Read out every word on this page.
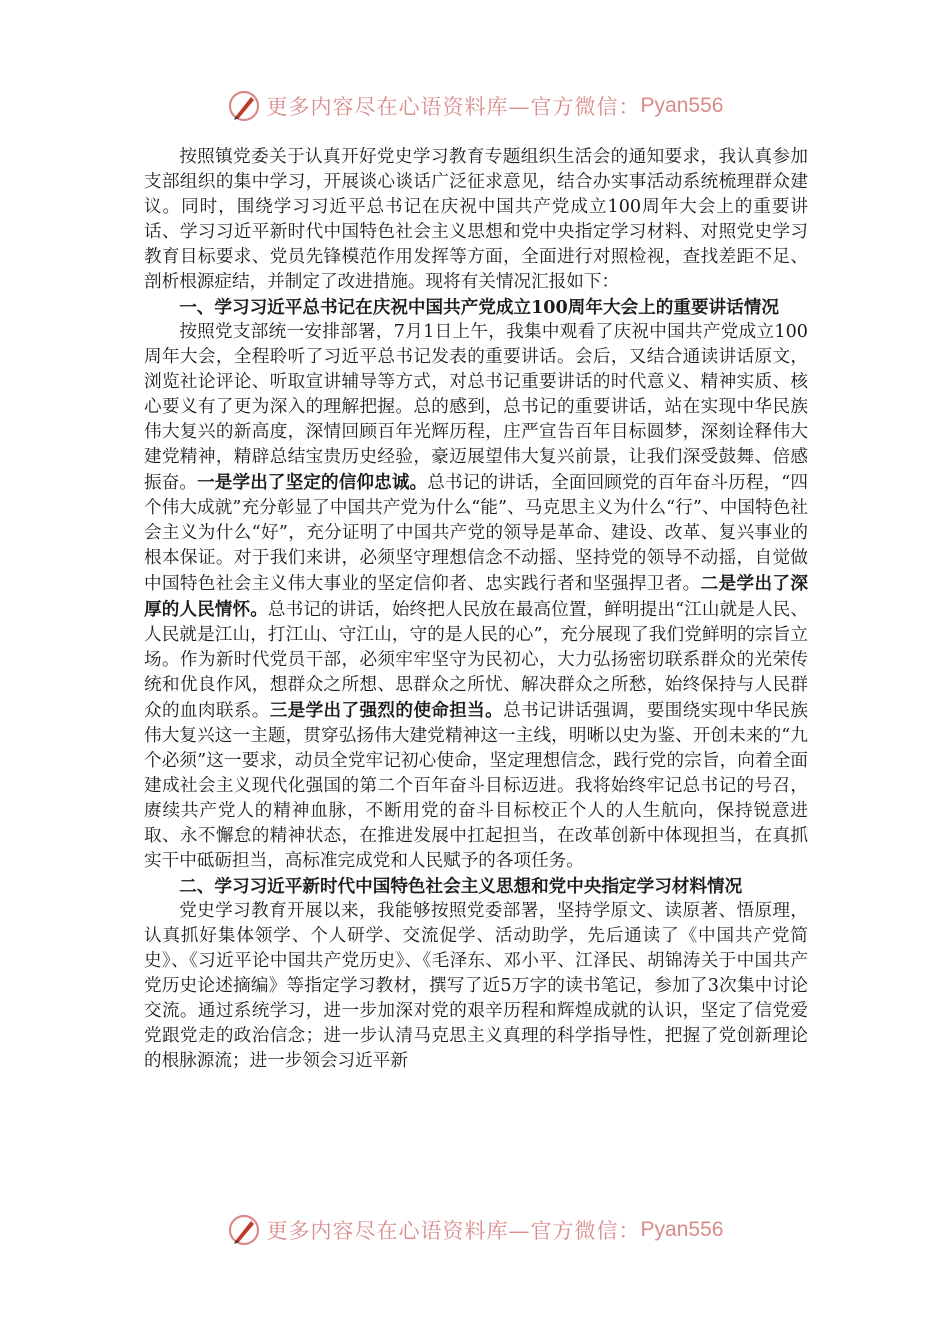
更多内容尽在心语资料库—官方微信： Pyan556

按照镇党委关于认真开好党史学习教育专题组织生活会的通知要求，我认真参加支部组织的集中学习，开展谈心谈话广泛征求意见，结合办实事活动系统梳理群众建议。同时，围绕学习习近平总书记在庆祝中国共产党成立100周年大会上的重要讲话、学习习近平新时代中国特色社会主义思想和党中央指定学习材料、对照党史学习教育目标要求、党员先锋模范作用发挥等方面，全面进行对照检视，查找差距不足、剖析根源症结，并制定了改进措施。现将有关情况汇报如下：

一、学习习近平总书记在庆祝中国共产党成立100周年大会上的重要讲话情况

按照党支部统一安排部署，7月1日上午，我集中观看了庆祝中国共产党成立100周年大会，全程聆听了习近平总书记发表的重要讲话。会后，又结合通读讲话原文，浏览社论评论、听取宣讲辅导等方式，对总书记重要讲话的时代意义、精神实质、核心要义有了更为深入的理解把握。总的感到，总书记的重要讲话，站在实现中华民族伟大复兴的新高度，深情回顾百年光辉历程，庄严宣告百年目标圆梦，深刻诠释伟大建党精神，精辟总结宝贵历史经验，豪迈展望伟大复兴前景，让我们深受鼓舞、倍感振奋。一是学出了坚定的信仰忠诚。总书记的讲话，全面回顾党的百年奋斗历程，“四个伟大成就”充分彰显了中国共产党为什么“能”、马克思主义为什么“行”、中国特色社会主义为什么“好”，充分证明了中国共产党的领导是革命、建设、改革、复兴事业的根本保证。对于我们来讲，必须坚守理想信念不动摇、坚持党的领导不动摇，自觉做中国特色社会主义伟大事业的坚定信仰者、忠实践行者和坚强捍卫者。二是学出了深厚的人民情怀。总书记的讲话，始终把人民放在最高位置，鲜明提出“江山就是人民、人民就是江山，打江山、守江山，守的是人民的心”，充分展现了我们党鲜明的宗旨立场。作为新时代党员干部，必须牢牢坚守为民初心，大力弘扬密切联系群众的光荣传统和优良作风，想群众之所想、思群众之所忧、解决群众之所愁，始终保持与人民群众的血肉联系。三是学出了强烈的使命担当。总书记讲话强调，要围绕实现中华民族伟大复兴这一主题，贯穿弘扬伟大建党精神这一主线，明晰以史为鉴、开创未来的“九个必须”这一要求，动员全党牢记初心使命，坚定理想信念，践行党的宗旨，向着全面建成社会主义现代化强国的第二个百年奋斗目标迈进。我将始终牢记总书记的号召，赓续共产党人的精神血脉，不断用党的奋斗目标校正个人的人生航向，保持锐意进取、永不懈怠的精神状态，在推进发展中扛起担当，在改革创新中体现担当，在真抓实干中砥砺担当，高标准完成党和人民赋予的各项任务。

二、学习习近平新时代中国特色社会主义思想和党中央指定学习材料情况

党史学习教育开展以来，我能够按照党委部署，坚持学原文、读原著、悟原理，认真抓好集体领学、个人研学、交流促学、活动助学，先后通读了《中国共产党简史》、《习近平论中国共产党历史》、《毛泽东、邓小平、江泽民、胡锦涛关于中国共产党历史论述摘编》等指定学习教材，撰写了近5万字的读书笔记，参加了3次集中讨论交流。通过系统学习，进一步加深对党的艰辛历程和辉煌成就的认识，坚定了信党爱党跟党走的政治信念；进一步认清马克思主义真理的科学指导性，把握了党创新理论的根脉源流；进一步领会习近平新

更多内容尽在心语资料库—官方微信： Pyan556
